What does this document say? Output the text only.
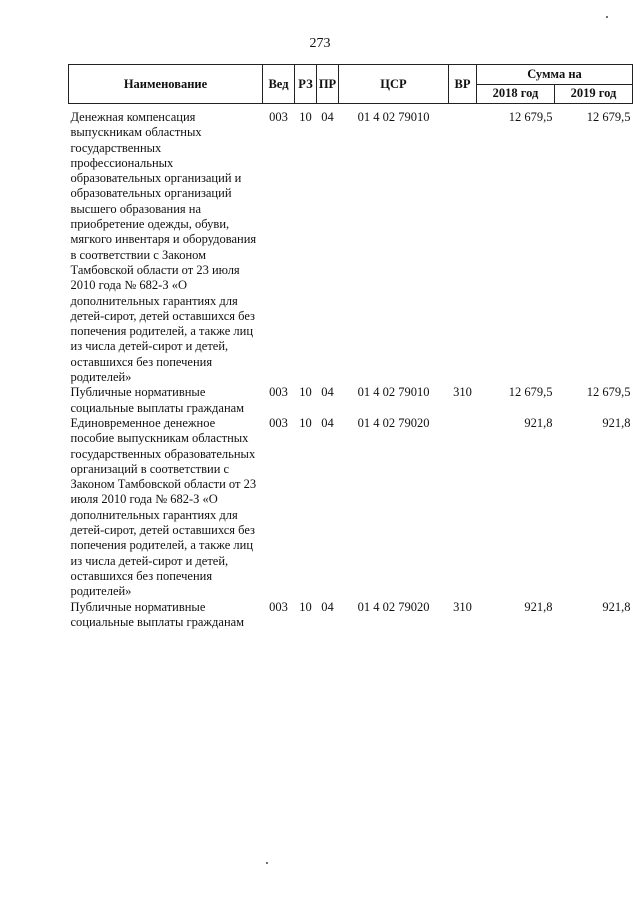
273
Наименование	Вед	РЗ	ПР	ЦСР	ВР	Сумма на	
						2018 год	2019 год

Денежная компенсация выпускникам областных государственных профессиональных образовательных организаций и образовательных организаций высшего образования на приобретение одежды, обуви, мягкого инвентаря и оборудования в соответствии с Законом Тамбовской области от 23 июля 2010 года № 682-З «О дополнительных гарантиях для детей-сирот, детей оставшихся без попечения родителей, а также лиц из числа детей-сирот и детей, оставшихся без попечения родителей»	003	10	04	01 4 02 79010		12 679,5	12 679,5
Публичные нормативные социальные выплаты гражданам	003	10	04	01 4 02 79010	310	12 679,5	12 679,5
Единовременное денежное пособие выпускникам областных государственных образовательных организаций в соответствии с Законом Тамбовской области от 23 июля 2010 года № 682-З «О дополнительных гарантиях для детей-сирот, детей оставшихся без попечения родителей, а также лиц из числа детей-сирот и детей, оставшихся без попечения родителей»	003	10	04	01 4 02 79020		921,8	921,8
Публичные нормативные социальные выплаты гражданам	003	10	04	01 4 02 79020	310	921,8	921,8
